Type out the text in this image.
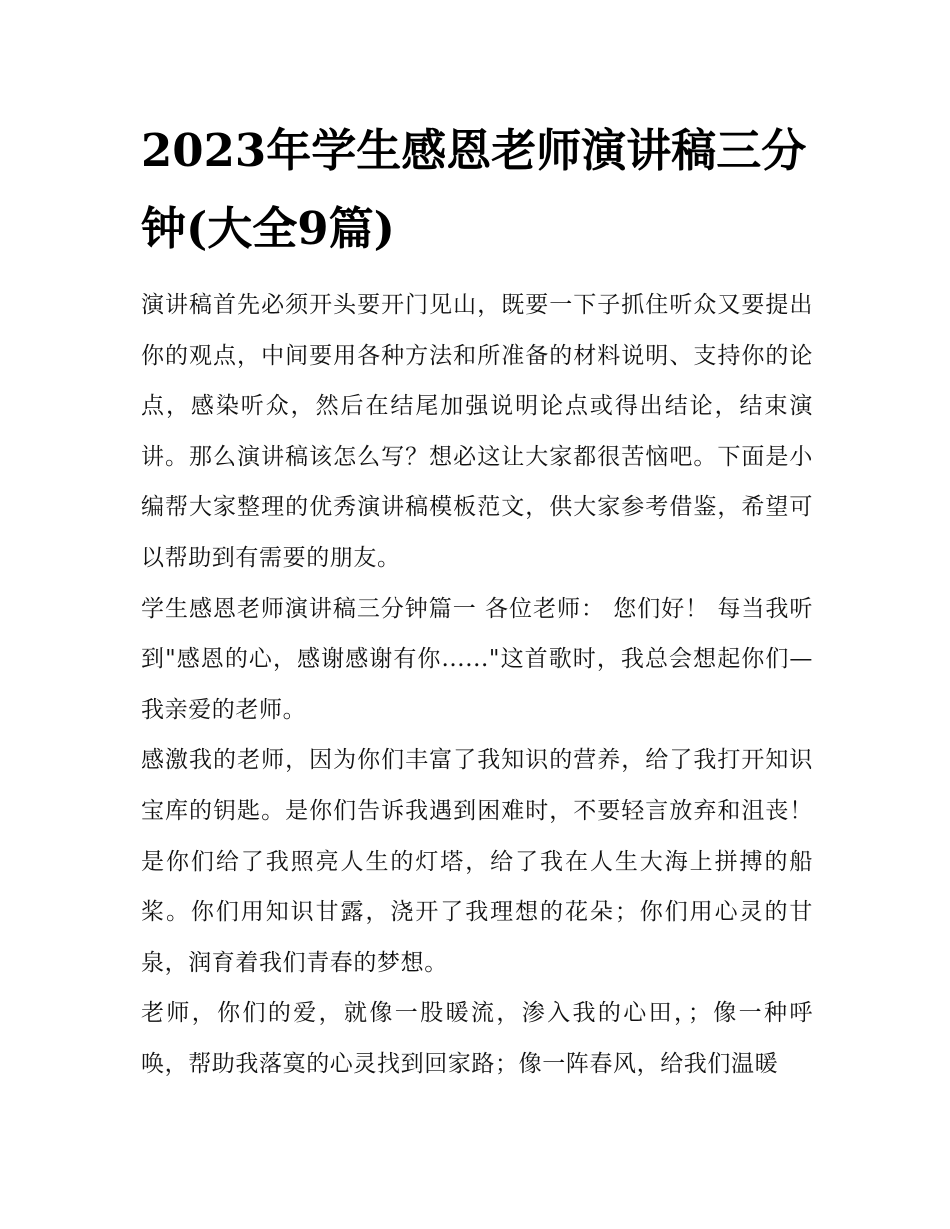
2023年学生感恩老师演讲稿三分钟(大全9篇)

演讲稿首先必须开头要开门见山，既要一下子抓住听众又要提出你的观点，中间要用各种方法和所准备的材料说明、支持你的论点，感染听众，然后在结尾加强说明论点或得出结论，结束演讲。那么演讲稿该怎么写？想必这让大家都很苦恼吧。下面是小编帮大家整理的优秀演讲稿模板范文，供大家参考借鉴，希望可以帮助到有需要的朋友。

学生感恩老师演讲稿三分钟篇一 各位老师： 您们好！ 每当我听到"感恩的心，感谢感谢有你......"这首歌时，我总会想起你们—我亲爱的老师。

感激我的老师，因为你们丰富了我知识的营养，给了我打开知识宝库的钥匙。是你们告诉我遇到困难时，不要轻言放弃和沮丧！是你们给了我照亮人生的灯塔，给了我在人生大海上拼搏的船桨。你们用知识甘露，浇开了我理想的花朵；你们用心灵的甘泉，润育着我们青春的梦想。

老师，你们的爱，就像一股暖流，渗入我的心田，；像一种呼唤，帮助我落寞的心灵找到回家路；像一阵春风，给我们温暖
